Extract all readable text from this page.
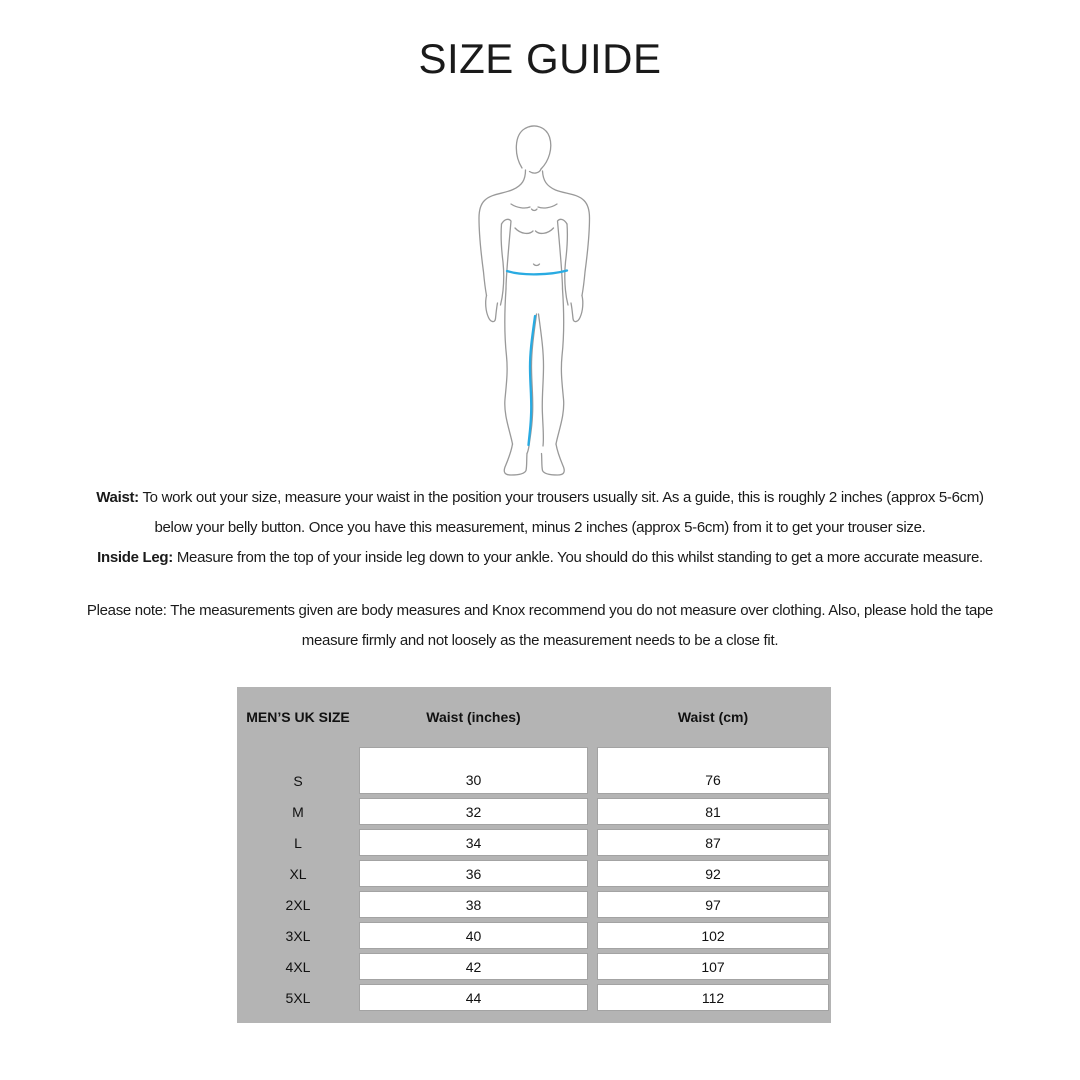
SIZE GUIDE
Waist: To work out your size, measure your waist in the position your trousers usually sit. As a guide, this is roughly 2 inches (approx 5-6cm)
below your belly button. Once you have this measurement, minus 2 inches (approx 5-6cm) from it to get your trouser size.
Inside Leg: Measure from the top of your inside leg down to your ankle. You should do this whilst standing to get a more accurate measure.
Please note: The measurements given are body measures and Knox recommend you do not measure over clothing. Also, please hold the tape
measure firmly and not loosely as the measurement needs to be a close fit.
MEN’S UK SIZE	Waist (inches)	Waist (cm)
S	30	76
M	32	81
L	34	87
XL	36	92
2XL	38	97
3XL	40	102
4XL	42	107
5XL	44	112
